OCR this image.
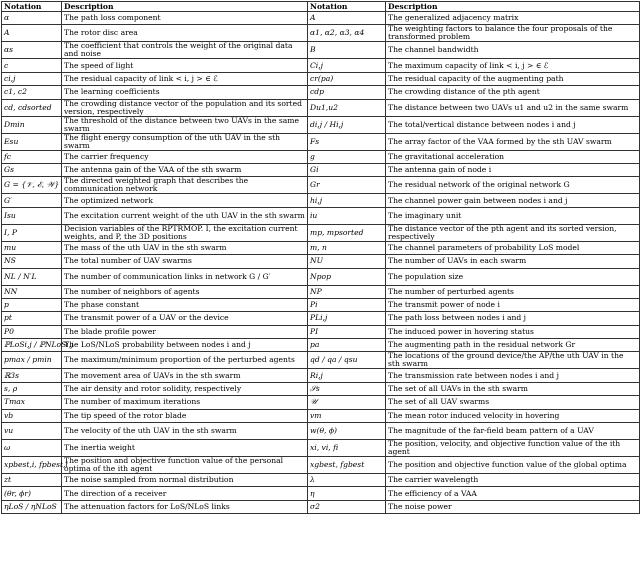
Notation	Description	Notation	Description
α	The path loss component	A	The generalized adjacency matrix
A	The rotor disc area	α1, α2, α3, α4	The weighting factors to balance the four proposals of the transformed problem
αs	The coefficient that controls the weight of the original data and noise	B	The channel bandwidth
c	The speed of light	Ci,j	The maximum capacity of link < i, j > ∈ ℰ
ci,j	The residual capacity of link < i, j > ∈ ℰ	cr(pa)	The residual capacity of the augmenting path
c1, c2	The learning coefficients	cdp	The crowding distance of the pth agent
cd, cdsorted	The crowding distance vector of the population and its sorted version, respectively	Du1,u2	The distance between two UAVs u1 and u2 in the same swarm
Dmin	The threshold of the distance between two UAVs in the same swarm	di,j / Hi,j	The total/vertical distance between nodes i and j
Esu	The flight energy consumption of the uth UAV in the sth swarm	Fs	The array factor of the VAA formed by the sth UAV swarm
fc	The carrier frequency	g	The gravitational acceleration
Gs	The antenna gain of the VAA of the sth swarm	Gi	The antenna gain of node i
G = {𝒱, ℰ, 𝒲}	The directed weighted graph that describes the communication network	Gr	The residual network of the original network G
G′	The optimized network	hi,j	The channel power gain between nodes i and j
Isu	The excitation current weight of the uth UAV in the sth swarm	iu	The imaginary unit
I, P	Decision variables of the RPTRMOP. I, the excitation current weights, and P, the 3D positions	mp, mpsorted	The distance vector of the pth agent and its sorted version, respectively
mu	The mass of the uth UAV in the sth swarm	m, n	The channel parameters of probability LoS model
NS	The total number of UAV swarms	NU	The number of UAVs in each swarm
NL / N′L	The number of communication links in network G / G′	Npop	The population size
NN	The number of neighbors of agents	NP	The number of perturbed agents
p	The phase constant	Pi	The transmit power of node i
pt	The transmit power of a UAV or the device	PLi,j	The path loss between nodes i and j
P0	The blade profile power	PI	The induced power in hovering status
ℙLoSi,j / ℙNLoSi,j	The LoS/NLoS probability between nodes i and j	pa	The augmenting path in the residual network Gr
pmax / pmin	The maximum/minimum proportion of the perturbed agents	qd / qa / qsu	The locations of the ground device/the AP/the uth UAV in the sth swarm
ℝ3s	The movement area of UAVs in the sth swarm	Ri,j	The transmission rate between nodes i and j
s, ρ	The air density and rotor solidity, respectively	𝒮s	The set of all UAVs in the sth swarm
Tmax	The number of maximum iterations	𝒰	The set of all UAV swarms
vb	The tip speed of the rotor blade	vm	The mean rotor induced velocity in hovering
vu	The velocity of the uth UAV in the sth swarm	w(θ, ϕ)	The magnitude of the far-field beam pattern of a UAV
ω	The inertia weight	xi, vi, fi	The position, velocity, and objective function value of the ith agent
xpbest,i, fpbest,i	The position and objective function value of the personal optima of the ith agent	xgbest, fgbest	The position and objective function value of the global optima
zt	The noise sampled from normal distribution	λ	The carrier wavelength
(θr, ϕr)	The direction of a receiver	η	The efficiency of a VAA
ηLoS / ηNLoS	The attenuation factors for LoS/NLoS links	σ2	The noise power
